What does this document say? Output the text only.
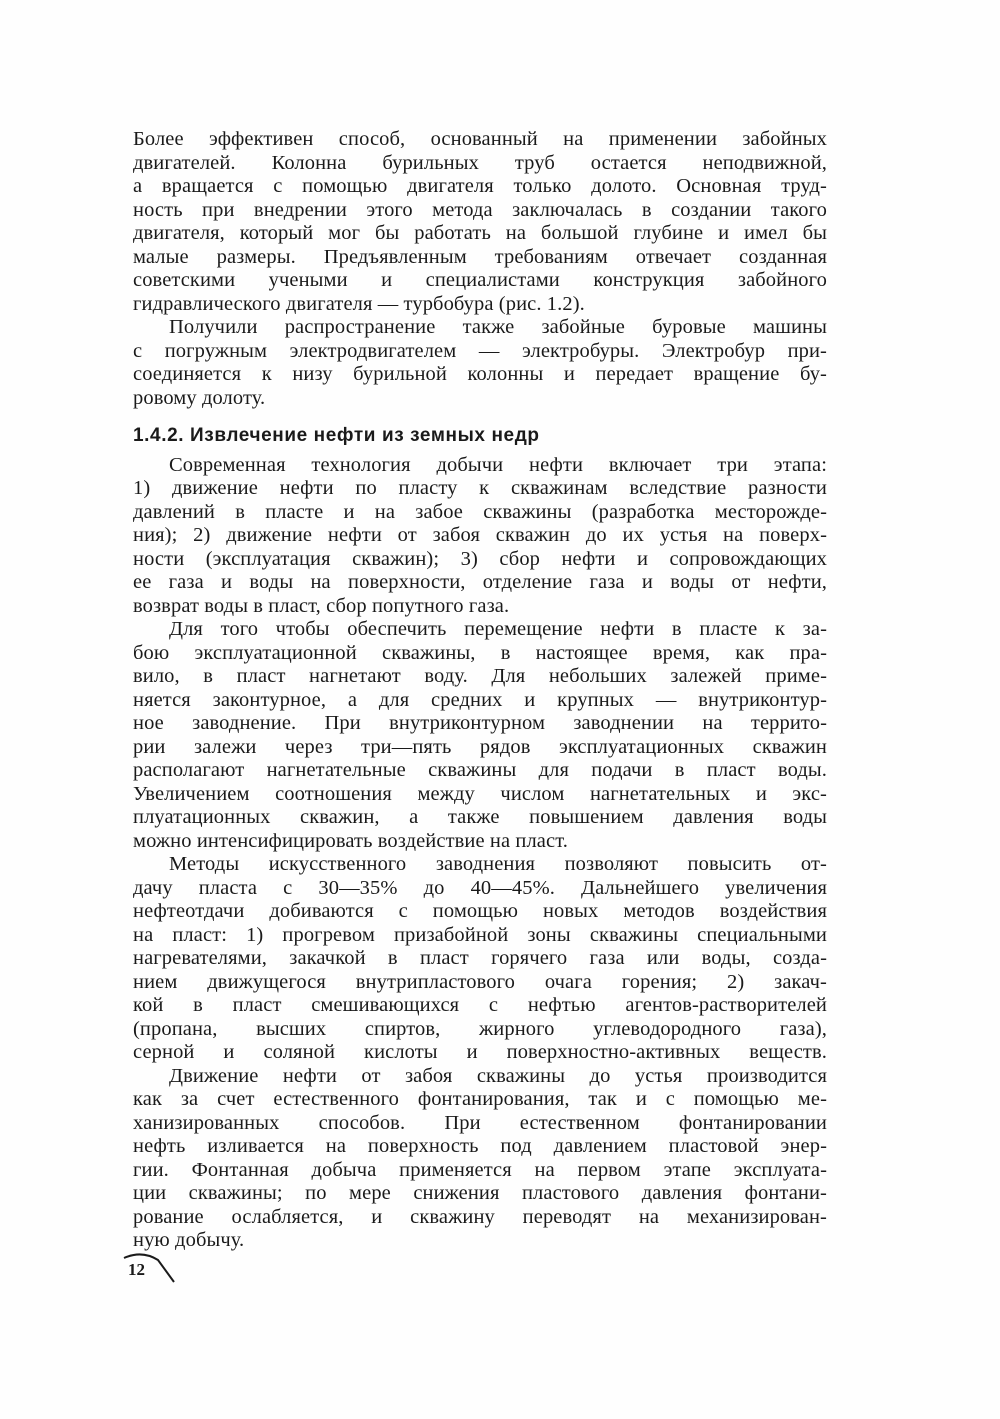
Более эффективен способ, основанный на применении забойных
двигателей. Колонна бурильных труб остается неподвижной,
а вращается с помощью двигателя только долото. Основная труд-
ность при внедрении этого метода заключалась в создании такого
двигателя, который мог бы работать на большой глубине и имел бы
малые размеры. Предъявленным требованиям отвечает созданная
советскими учеными и специалистами конструкция забойного
гидравлического двигателя — турбобура (рис. 1.2).
Получили распространение также забойные буровые машины
с погружным электродвигателем — электробуры. Электробур при-
соединяется к низу бурильной колонны и передает вращение бу-
ровому долоту.
1.4.2. Извлечение нефти из земных недр
Современная технология добычи нефти включает три этапа:
1) движение нефти по пласту к скважинам вследствие разности
давлений в пласте и на забое скважины (разработка месторожде-
ния); 2) движение нефти от забоя скважин до их устья на поверх-
ности (эксплуатация скважин); 3) сбор нефти и сопровождающих
ее газа и воды на поверхности, отделение газа и воды от нефти,
возврат воды в пласт, сбор попутного газа.
Для того чтобы обеспечить перемещение нефти в пласте к за-
бою эксплуатационной скважины, в настоящее время, как пра-
вило, в пласт нагнетают воду. Для небольших залежей приме-
няется законтурное, а для средних и крупных — внутриконтур-
ное заводнение. При внутриконтурном заводнении на террито-
рии залежи через три—пять рядов эксплуатационных скважин
располагают нагнетательные скважины для подачи в пласт воды.
Увеличением соотношения между числом нагнетательных и экс-
плуатационных скважин, а также повышением давления воды
можно интенсифицировать воздействие на пласт.
Методы искусственного заводнения позволяют повысить от-
дачу пласта с 30—35% до 40—45%. Дальнейшего увеличения
нефтеотдачи добиваются с помощью новых методов воздействия
на пласт: 1) прогревом призабойной зоны скважины специальными
нагревателями, закачкой в пласт горячего газа или воды, созда-
нием движущегося внутрипластового очага горения; 2) закач-
кой в пласт смешивающихся с нефтью агентов-растворителей
(пропана, высших спиртов, жирного углеводородного газа),
серной и соляной кислоты и поверхностно-активных веществ.
Движение нефти от забоя скважины до устья производится
как за счет естественного фонтанирования, так и с помощью ме-
ханизированных способов. При естественном фонтанировании
нефть изливается на поверхность под давлением пластовой энер-
гии. Фонтанная добыча применяется на первом этапе эксплуата-
ции скважины; по мере снижения пластового давления фонтани-
рование ослабляется, и скважину переводят на механизирован-
ную добычу.
12
